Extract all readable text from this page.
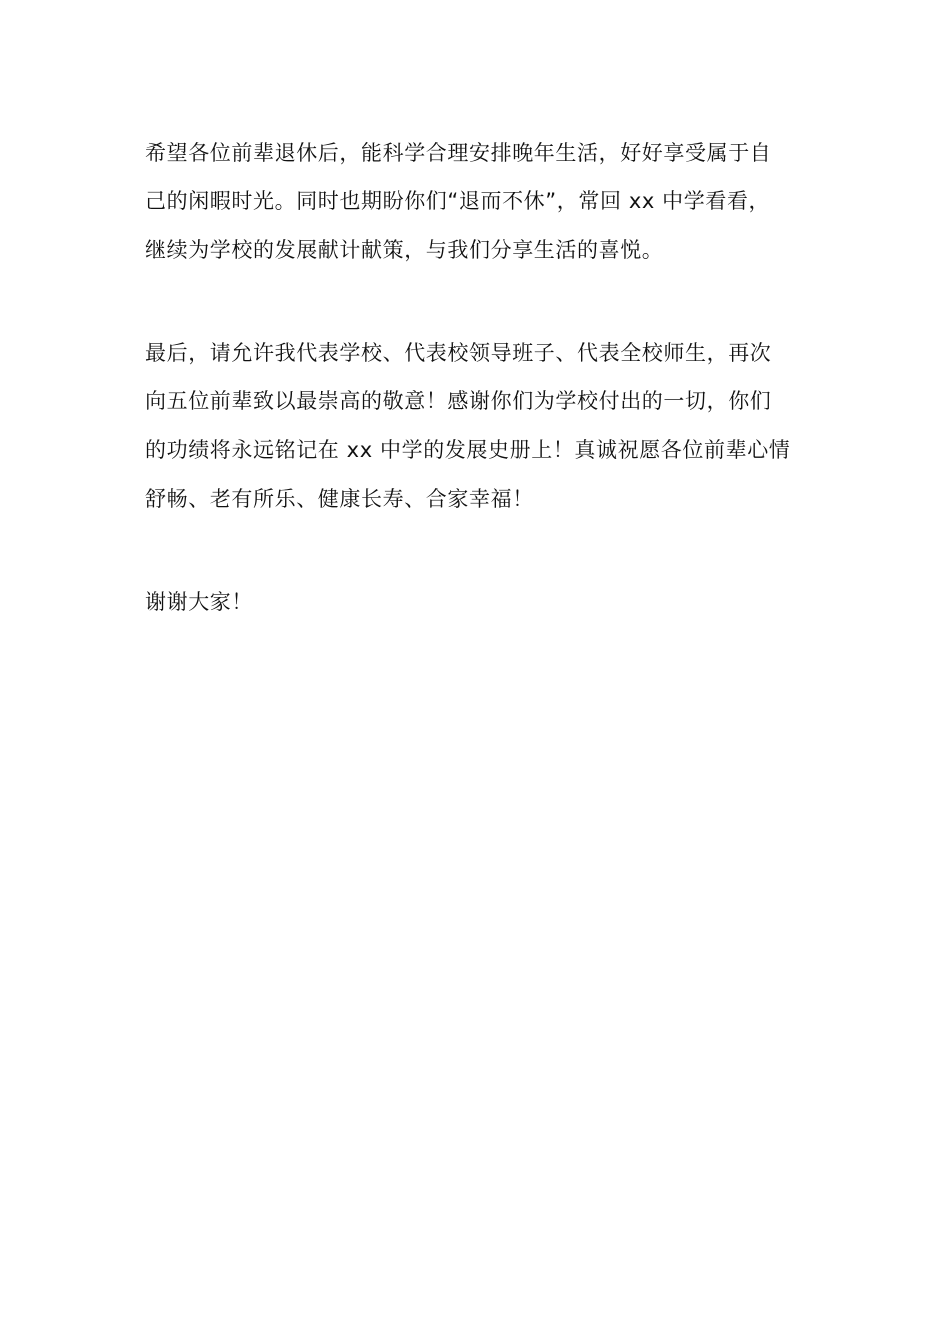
希望各位前辈退休后，能科学合理安排晚年生活，好好享受属于自
己的闲暇时光。同时也期盼你们“退而不休”，常回 xx 中学看看，
继续为学校的发展献计献策，与我们分享生活的喜悦。
最后，请允许我代表学校、代表校领导班子、代表全校师生，再次
向五位前辈致以最崇高的敬意！感谢你们为学校付出的一切，你们
的功绩将永远铭记在 xx 中学的发展史册上！真诚祝愿各位前辈心情
舒畅、老有所乐、健康长寿、合家幸福！
谢谢大家！
